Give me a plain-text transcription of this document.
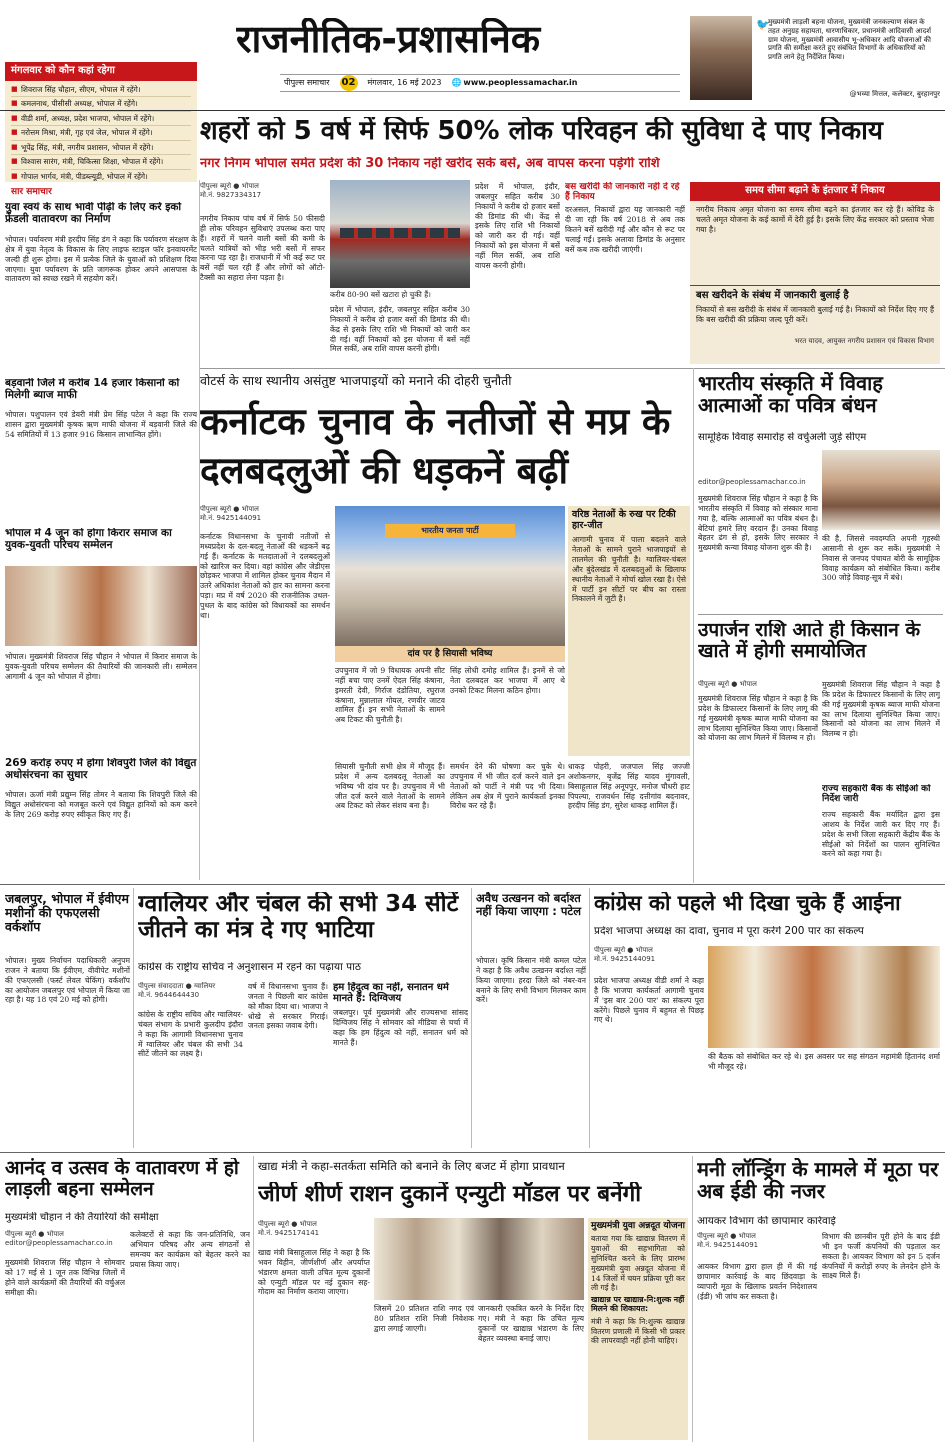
मंगलवार को कौन कहां रहेगा
■ शिवराज सिंह चौहान, सीएम, भोपाल में रहेंगे।
■ कमलनाथ, पीसीसी अध्यक्ष, भोपाल में रहेंगे।
■ वीडी शर्मा, अध्यक्ष, प्रदेश भाजपा, भोपाल में रहेंगे।
■ नरोत्तम मिश्रा, मंत्री, गृह एवं जेल, भोपाल में रहेंगे।
■ भूपेंद्र सिंह, मंत्री, नगरीय प्रशासन, भोपाल में रहेंगे।
■ विश्वास सारंग, मंत्री, चिकित्सा शिक्षा, भोपाल में रहेंगे।
■ गोपाल भार्गव, मंत्री, पीडब्ल्यूडी, भोपाल में रहेंगे।
राजनीतिक-प्रशासनिक
पीपुल्स समाचार 02 मंगलवार, 16 मई 2023 🌐 www.peoplessamachar.in
🐦
मुख्यमंत्री लाड़ली बहना योजना, मुख्यमंत्री जनकल्याण संबल के तहत अनुग्रह सहायता, धारणाधिकार, प्रधानमंत्री आदिवासी आदर्श ग्राम योजना, मुख्यमंत्री आवासीय भू-अधिकार आदि योजनाओं की प्रगति की समीक्षा करते हुए संबंधित विभागों के अधिकारियों को प्रगति लाने हेतु निर्देशित किया।
@भव्या मित्तल, कलेक्टर, बुरहानपुर
शहरों को 5 वर्ष में सिर्फ 50% लोक परिवहन की सुविधा दे पाए निकाय
नगर निगम भोपाल समेत प्रदेश की 30 निकाय नहीं खरीद सके बसें, अब वापस करना पड़ेगी राशि
पीपुल्स ब्यूरो ● भोपाल
मो.नं. 9827334317
नगरीय निकाय पांच वर्ष में सिर्फ 50 फीसदी ही लोक परिवहन सुविधाएं उपलब्ध करा पाए हैं। शहरों में चलने वाली बसों की कमी के चलते यात्रियों को भीड़ भरी बसों में सफर करना पड़ रहा है। राजधानी में भी कई रूट पर बसें नहीं चल रही हैं और लोगों को ऑटो-टैक्सी का सहारा लेना पड़ता है।
करीब 80-90 बसें खटारा हो चुकी हैं।
प्रदेश में भोपाल, इंदौर, जबलपुर सहित करीब 30 निकायों ने करीब दो हजार बसों की डिमांड की थी। केंद्र से इसके लिए राशि भी निकायों को जारी कर दी गई। वहीं निकायों को इस योजना में बसें नहीं मिल सकीं, अब राशि वापस करनी होगी।
प्रदेश में भोपाल, इंदौर, जबलपुर सहित करीब 30 निकायों ने करीब दो हजार बसों की डिमांड की थी। केंद्र से इसके लिए राशि भी निकायों को जारी कर दी गई। वहीं निकायों को इस योजना में बसें नहीं मिल सकीं, अब राशि वापस करनी होगी।
बस खरीदी की जानकारी नहीं दे रहे हैं निकाय
दरअसल, निकायों द्वारा यह जानकारी नहीं दी जा रही कि वर्ष 2018 से अब तक कितने बसें खरीदी गईं और कौन से रूट पर चलाई गईं। इसके अलावा डिमांड के अनुसार बसें कब तक खरीदी जाएंगी।
समय सीमा बढ़ाने के इंतजार में निकाय
नगरीय निकाय अमृत योजना का समय सीमा बढ़ने का इंतजार कर रहे हैं। कोविड के चलते अमृत योजना के कई कामों में देरी हुई है। इसके लिए केंद्र सरकार को प्रस्ताव भेजा गया है।
बस खरीदने के संबंध में जानकारी बुलाई है
निकायों से बस खरीदी के संबंध में जानकारी बुलाई गई है। निकायों को निर्देश दिए गए हैं कि बस खरीदी की प्रक्रिया जल्द पूरी करें।
भरत यादव, आयुक्त नगरीय प्रशासन एवं विकास विभाग
सार समाचार
युवा स्वयं के साथ भावी पीढ़ी के लिए करें इको फ्रेंडली वातावरण का निर्माण
भोपाल। पर्यावरण मंत्री हरदीप सिंह डंग ने कहा कि पर्यावरण संरक्षण के क्षेत्र में युवा नेतृत्व के विकास के लिए लाइफ स्टाइल फॉर इनवायरमेंट जल्दी ही शुरू होगा। इस में प्रत्येक जिले के युवाओं को प्रशिक्षण दिया जाएगा। युवा पर्यावरण के प्रति जागरूक होकर अपने आसपास के वातावरण को स्वच्छ रखने में सहयोग करें।
बड़वानी जिले में करीब 14 हजार किसानों को मिलेगी ब्याज माफी
भोपाल। पशुपालन एवं डेयरी मंत्री प्रेम सिंह पटेल ने कहा कि राज्य शासन द्वारा मुख्यमंत्री कृषक ऋण माफी योजना में बड़वानी जिले की 54 समितियों में 13 हजार 916 किसान लाभान्वित होंगे।
भोपाल में 4 जून को होगा किरार समाज का युवक-युवती परिचय सम्मेलन
भोपाल। मुख्यमंत्री शिवराज सिंह चौहान ने भोपाल में किरार समाज के युवक-युवती परिचय सम्मेलन की तैयारियों की जानकारी ली। सम्मेलन आगामी 4 जून को भोपाल में होगा।
269 करोड़ रुपए में होगा शिवपुरी जिले की विद्युत अधोसंरचना का सुधार
भोपाल। ऊर्जा मंत्री प्रद्युम्न सिंह तोमर ने बताया कि शिवपुरी जिले की विद्युत अधोसंरचना को मजबूत करने एवं विद्युत हानियों को कम करने के लिए 269 करोड़ रुपए स्वीकृत किए गए हैं।
वोटर्स के साथ स्थानीय असंतुष्ट भाजपाइयों को मनाने की दोहरी चुनौती
कर्नाटक चुनाव के नतीजों से मप्र के दलबदलुओं की धड़कनें बढ़ीं
पीपुल्स ब्यूरो ● भोपाल
मो.नं. 9425144091
कर्नाटक विधानसभा के चुनावी नतीजों से मध्यप्रदेश के दल-बदलू नेताओं की धड़कनें बढ़ गई हैं। कर्नाटक के मतदाताओं ने दलबदलुओं को खारिज कर दिया। वहां कांग्रेस और जेडीएस छोड़कर भाजपा में शामिल होकर चुनाव मैदान में उतरे अधिकांश नेताओं को हार का सामना करना पड़ा। मप्र में वर्ष 2020 की राजनीतिक उथल-पुथल के बाद कांग्रेस को विधायकों का समर्थन था।
भारतीय जनता पार्टी
दांव पर है सियासी भविष्य
उपचुनाव में जो 9 विधायक अपनी सीट नहीं बचा पाए उनमें ऐदल सिंह कंषाना, इमरती देवी, गिर्राज दंडोतिया, रघुराज कंषाना, मुन्नालाल गोयल, रणवीर जाटव शामिल हैं। इन सभी नेताओं के सामने अब टिकट की चुनौती है।
सिंह लोधी दमोह शामिल हैं। इनमें से जो नेता दलबदल कर भाजपा में आए थे उनको टिकट मिलना कठिन होगा।
वरिष्ठ नेताओं के रुख पर टिकी हार-जीत
आगामी चुनाव में पाला बदलने वाले नेताओं के सामने पुराने भाजपाइयों से तालमेल की चुनौती है। ग्वालियर-चंबल और बुंदेलखंड में दलबदलुओं के खिलाफ स्थानीय नेताओं ने मोर्चा खोल रखा है। ऐसे में पार्टी इन सीटों पर बीच का रास्ता निकालने में जुटी है।
सियासी चुनौती सभी क्षेत्र में मौजूद हैं। प्रदेश में अन्य दलबदलू नेताओं का भविष्य भी दांव पर है। उपचुनाव में भी जीत दर्ज करने वाले नेताओं के सामने अब टिकट को लेकर संशय बना है।
समर्थन देने की घोषणा कर चुके थे। उपचुनाव में भी जीत दर्ज करने वाले इन नेताओं को पार्टी ने मंत्री पद भी दिया। लेकिन अब क्षेत्र में पुराने कार्यकर्ता इनका विरोध कर रहे हैं।
धाकड़ पोहरी, जजपाल सिंह जज्जी अशोकनगर, बृजेंद्र सिंह यादव मुंगावली, बिसाहूलाल सिंह अनूपपुर, मनोज चौधरी हाट पिपल्या, राजवर्धन सिंह दत्तीगांव बदनावर, हरदीप सिंह डंग, सुरेश धाकड़ शामिल हैं।
भारतीय संस्कृति में विवाह आत्माओं का पवित्र बंधन
सामूहिक विवाह समारोह से वर्चुअली जुड़े सीएम
editor@peoplessamachar.co.in
मुख्यमंत्री शिवराज सिंह चौहान ने कहा है कि भारतीय संस्कृति में विवाह को संस्कार माना गया है, बल्कि आत्माओं का पवित्र बंधन है। बेटियां हमारे लिए वरदान हैं। उनका विवाह बेहतर ढंग से हो, इसके लिए सरकार ने मुख्यमंत्री कन्या विवाह योजना शुरू की है।
की है, जिससे नवदम्पति अपनी गृहस्थी आसानी से शुरू कर सकें। मुख्यमंत्री ने निवास से जनपद पंचायत बोरी के सामूहिक विवाह कार्यक्रम को संबोधित किया। करीब 300 जोड़े विवाह-सूत्र में बंधे।
उपार्जन राशि आते ही किसान के खाते में होगी समायोजित
पीपुल्स ब्यूरो ● भोपाल
मुख्यमंत्री शिवराज सिंह चौहान ने कहा है कि प्रदेश के डिफाल्टर किसानों के लिए लागू की गई मुख्यमंत्री कृषक ब्याज माफी योजना का लाभ दिलाया सुनिश्चित किया जाए। किसानों को योजना का लाभ मिलने में विलम्ब न हो।
मुख्यमंत्री शिवराज सिंह चौहान ने कहा है कि प्रदेश के डिफाल्टर किसानों के लिए लागू की गई मुख्यमंत्री कृषक ब्याज माफी योजना का लाभ दिलाया सुनिश्चित किया जाए। किसानों को योजना का लाभ मिलने में विलम्ब न हो।
राज्य सहकारी बैंक के सीईओ को निर्देश जारी
राज्य सहकारी बैंक मर्यादित द्वारा इस आशय के निर्देश जारी कर दिए गए हैं। प्रदेश के सभी जिला सहकारी केंद्रीय बैंक के सीईओ को निर्देशों का पालन सुनिश्चित करने को कहा गया है।
जबलपुर, भोपाल में ईवीएम मशीनों की एफएलसी वर्कशॉप
भोपाल। मुख्य निर्वाचन पदाधिकारी अनुपम राजन ने बताया कि ईवीएम, वीवीपेट मशीनों की एफएलसी (फर्स्ट लेवल चेकिंग) वर्कशॉप का आयोजन जबलपुर एवं भोपाल में किया जा रहा है। यह 18 एवं 20 मई को होगी।
ग्वालियर और चंबल की सभी 34 सीटें जीतने का मंत्र दे गए भाटिया
कांग्रेस के राष्ट्रीय सचिव ने अनुशासन में रहने का पढ़ाया पाठ
पीपुल्स संवाददाता ● ग्वालियर
मो.नं. 9644644430
कांग्रेस के राष्ट्रीय सचिव और ग्वालियर-चंबल संभाग के प्रभारी कुलदीप इंदौरा ने कहा कि आगामी विधानसभा चुनाव में ग्वालियर और चंबल की सभी 34 सीटें जीतने का लक्ष्य है।
वर्ष में विधानसभा चुनाव हैं। जनता ने पिछली बार कांग्रेस को मौका दिया था। भाजपा ने धोखे से सरकार गिराई। जनता इसका जवाब देगी।
हम हिंदुत्व का नहीं, सनातन धर्म मानते हैं: दिग्विजय
जबलपुर। पूर्व मुख्यमंत्री और राज्यसभा सांसद दिग्विजय सिंह ने सोमवार को मीडिया से चर्चा में कहा कि हम हिंदुत्व को नहीं, सनातन धर्म को मानते हैं।
अवैध उत्खनन को बर्दाश्त नहीं किया जाएगा : पटेल
भोपाल। कृषि किसान मंत्री कमल पटेल ने कहा है कि अवैध उत्खनन बर्दाश्त नहीं किया जाएगा। हरदा जिले को नंबर-वन बनाने के लिए सभी विभाग मिलकर काम करें।
कांग्रेस को पहले भी दिखा चुके हैं आईना
प्रदेश भाजपा अध्यक्ष का दावा, चुनाव में पूरा करेंगे 200 पार का संकल्प
पीपुल्स ब्यूरो ● भोपाल
मो.नं. 9425144091
प्रदेश भाजपा अध्यक्ष वीडी शर्मा ने कहा है कि भाजपा कार्यकर्ता आगामी चुनाव में 'इस बार 200 पार' का संकल्प पूरा करेंगे। पिछले चुनाव में बहुमत से पिछड़ गए थे।
की बैठक को संबोधित कर रहे थे। इस अवसर पर सह संगठन महामंत्री हितानंद शर्मा भी मौजूद रहे।
आनंद व उत्सव के वातावरण में हो लाड़ली बहना सम्मेलन
मुख्यमंत्री चौहान ने की तैयारियों की समीक्षा
पीपुल्स ब्यूरो ● भोपाल
editor@peoplessamachar.co.in
मुख्यमंत्री शिवराज सिंह चौहान ने सोमवार को 17 मई से 1 जून तक विभिन्न जिलों में होने वाले कार्यक्रमों की तैयारियों की वर्चुअल समीक्षा की।
कलेक्टरों से कहा कि जन-प्रतिनिधि, जन अभियान परिषद और अन्य संगठनों से समन्वय कर कार्यक्रम को बेहतर करने का प्रयास किया जाए।
खाद्य मंत्री ने कहा-सतर्कता समिति को बनाने के लिए बजट में होगा प्रावधान
जीर्ण शीर्ण राशन दुकानें एन्युटी मॉडल पर बनेंगी
पीपुल्स ब्यूरो ● भोपाल
मो.नं. 9425174141
खाद्य मंत्री बिसाहूलाल सिंह ने कहा है कि भवन विहीन, जीर्णशीर्ण और अपर्याप्त भंडारण क्षमता वाली उचित मूल्य दुकानों को एन्युटी मॉडल पर नई दुकान सह-गोदाम का निर्माण कराया जाएगा।
जिसमें 20 प्रतिशत राशि नगद एवं 80 प्रतिशत राशि निजी निवेशक द्वारा लगाई जाएगी।
जानकारी एकत्रित करने के निर्देश दिए गए। मंत्री ने कहा कि उचित मूल्य दुकानों पर खाद्यान्न भंडारण के लिए बेहतर व्यवस्था बनाई जाए।
मुख्यमंत्री युवा अन्नदूत योजना
बताया गया कि खाद्यान्न वितरण में युवाओं की सहभागिता को सुनिश्चित करने के लिए प्रारम्भ मुख्यमंत्री युवा अन्नदूत योजना में 14 जिलों में चयन प्रक्रिया पूरी कर ली गई है।
खाद्यान्न पर खाद्यान्न-नि:शुल्क नहीं मिलने की शिकायत:
मंत्री ने कहा कि नि:शुल्क खाद्यान्न वितरण प्रणाली में किसी भी प्रकार की लापरवाही नहीं होनी चाहिए।
मनी लॉन्ड्रिंग के मामले में मूठा पर अब ईडी की नजर
आयकर विभाग की छापामार कार्रवाई
पीपुल्स ब्यूरो ● भोपाल
मो.नं. 9425144091
आयकर विभाग द्वारा हाल ही में की गई छापामार कार्रवाई के बाद छिंदवाड़ा के व्यापारी मूठा के खिलाफ प्रवर्तन निदेशालय (ईडी) भी जांच कर सकता है।
विभाग की छानबीन पूरी होने के बाद ईडी भी इन फर्जी कंपनियों की पड़ताल कर सकता है। आयकर विभाग को इन 5 दर्जन कंपनियों में करोड़ों रुपए के लेनदेन होने के साक्ष्य मिले हैं।
